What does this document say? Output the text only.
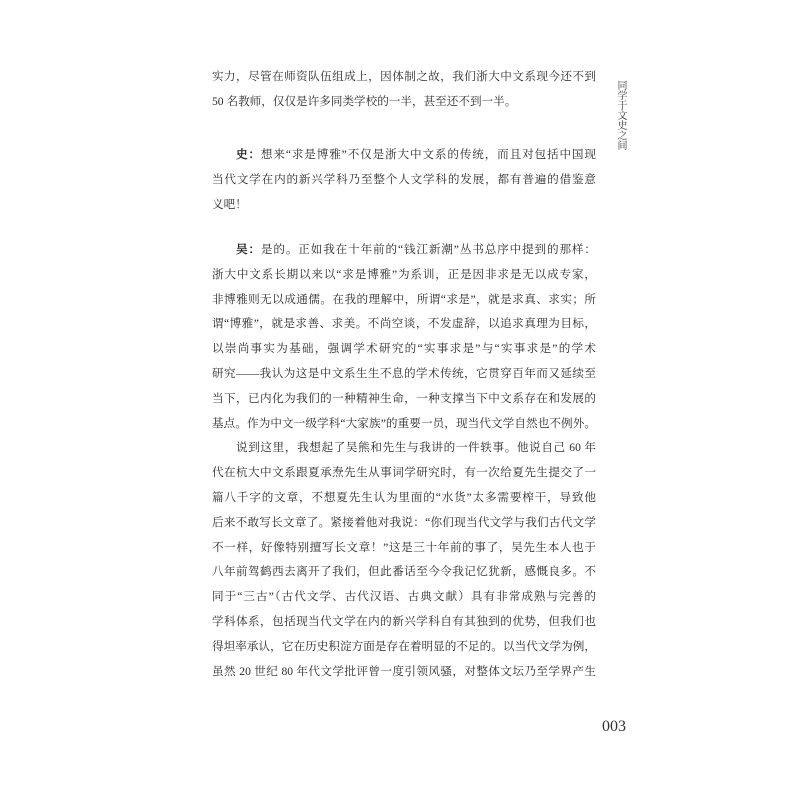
同学于文史之间
实力，尽管在师资队伍组成上，因体制之故，我们浙大中文系现今还不到
50 名教师，仅仅是许多同类学校的一半，甚至还不到一半。
史：想来“求是博雅”不仅是浙大中文系的传统，而且对包括中国现
当代文学在内的新兴学科乃至整个人文学科的发展，都有普遍的借鉴意
义吧！
吴：是的。正如我在十年前的“钱江新潮”丛书总序中提到的那样：
浙大中文系长期以来以“求是博雅”为系训，正是因非求是无以成专家，
非博雅则无以成通儒。在我的理解中，所谓“求是”，就是求真、求实；所
谓“博雅”，就是求善、求美。不尚空谈，不发虚辞，以追求真理为目标，
以崇尚事实为基础，强调学术研究的“实事求是”与“实事求是”的学术
研究——我认为这是中文系生生不息的学术传统，它贯穿百年而又延续至
当下，已内化为我们的一种精神生命，一种支撑当下中文系存在和发展的
基点。作为中文一级学科“大家族”的重要一员，现当代文学自然也不例外。
说到这里，我想起了吴熊和先生与我讲的一件轶事。他说自己 60 年
代在杭大中文系跟夏承焘先生从事词学研究时，有一次给夏先生提交了一
篇八千字的文章，不想夏先生认为里面的“水货”太多需要榨干，导致他
后来不敢写长文章了。紧接着他对我说：“你们现当代文学与我们古代文学
不一样，好像特别擅写长文章！”这是三十年前的事了，吴先生本人也于
八年前驾鹤西去离开了我们，但此番话至今令我记忆犹新，感慨良多。不
同于“三古”（古代文学、古代汉语、古典文献）具有非常成熟与完善的
学科体系，包括现当代文学在内的新兴学科自有其独到的优势，但我们也
得坦率承认，它在历史积淀方面是存在着明显的不足的。以当代文学为例，
虽然 20 世纪 80 年代文学批评曾一度引领风骚，对整体文坛乃至学界产生
003
